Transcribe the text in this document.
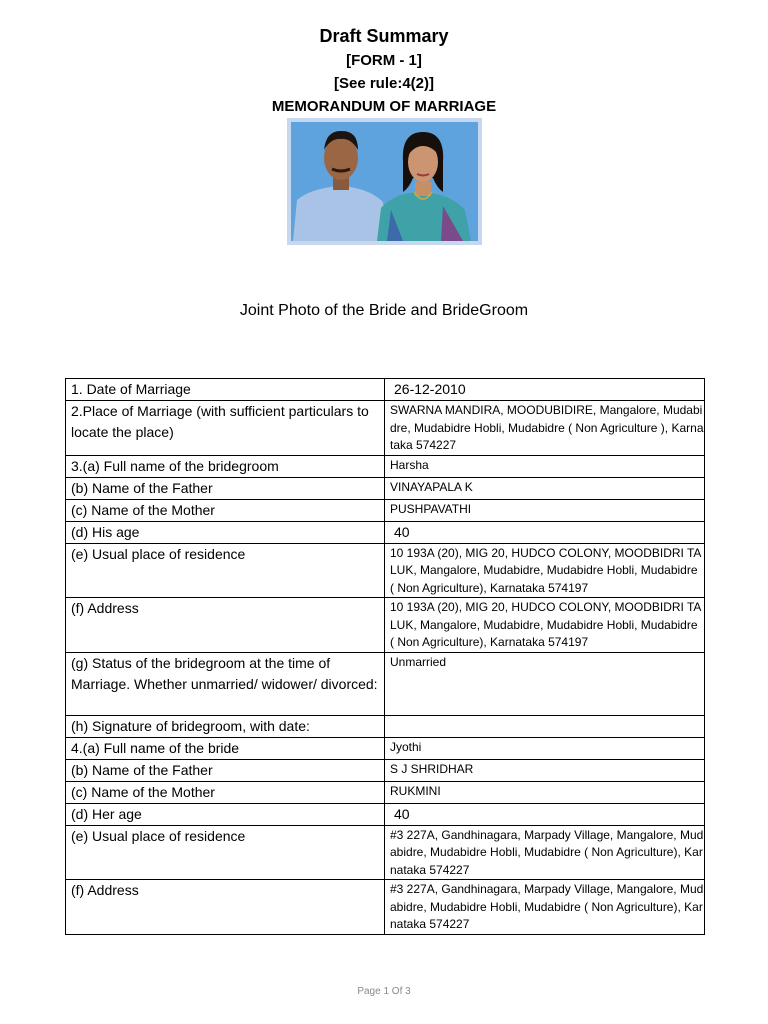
Draft Summary
[FORM - 1]
[See rule:4(2)]
MEMORANDUM OF MARRIAGE
Joint Photo of the Bride and BrideGroom
1. Date of Marriage	26-12-2010
2.Place of Marriage (with sufficient particulars to locate the place)	SWARNA MANDIRA, MOODUBIDIRE, Mangalore, Mudabidre, Mudabidre Hobli, Mudabidre ( Non Agriculture ), Karnataka 574227
3.(a) Full name of the bridegroom	Harsha
(b) Name of the Father	VINAYAPALA K
(c) Name of the Mother	PUSHPAVATHI
(d) His age	40
(e) Usual place of residence	10 193A (20), MIG 20, HUDCO COLONY, MOODBIDRI TALUK, Mangalore, Mudabidre, Mudabidre Hobli, Mudabidre ( Non Agriculture), Karnataka 574197
(f) Address	10 193A (20), MIG 20, HUDCO COLONY, MOODBIDRI TALUK, Mangalore, Mudabidre, Mudabidre Hobli, Mudabidre ( Non Agriculture), Karnataka 574197
(g) Status of the bridegroom at the time of Marriage. Whether unmarried/ widower/ divorced:	Unmarried
(h) Signature of bridegroom, with date:	
4.(a) Full name of the bride	Jyothi
(b) Name of the Father	S J SHRIDHAR
(c) Name of the Mother	RUKMINI
(d) Her age	40
(e) Usual place of residence	#3 227A, Gandhinagara, Marpady Village, Mangalore, Mudabidre, Mudabidre Hobli, Mudabidre ( Non Agriculture), Karnataka 574227
(f) Address	#3 227A, Gandhinagara, Marpady Village, Mangalore, Mudabidre, Mudabidre Hobli, Mudabidre ( Non Agriculture), Karnataka 574227
Page 1 Of 3
